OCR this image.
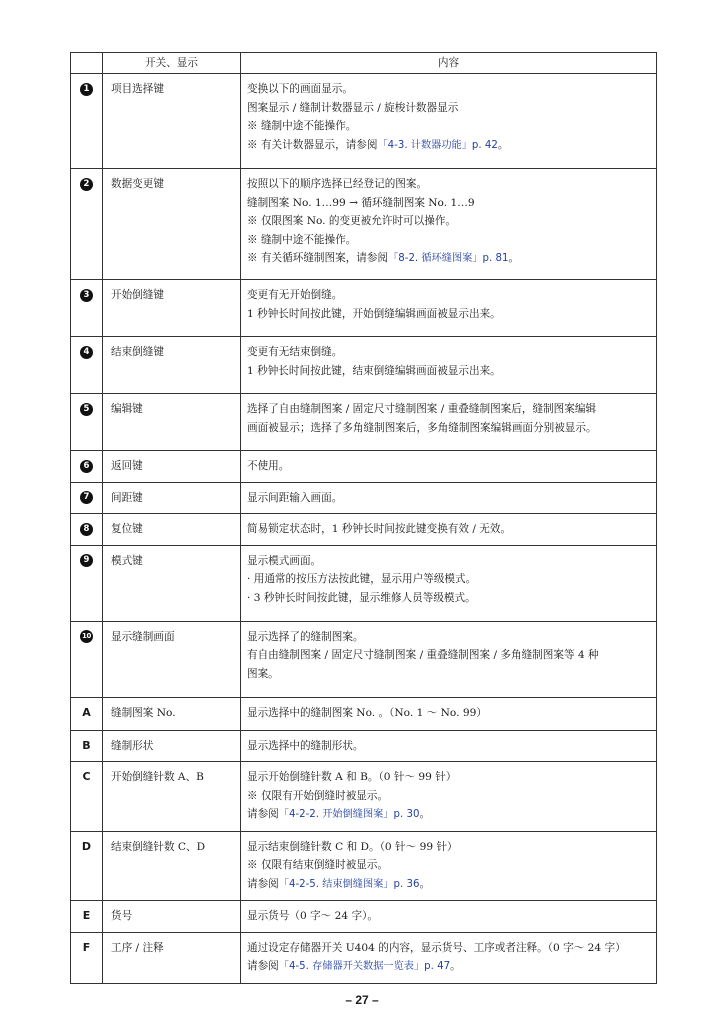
	开关、显示	内容
1	项目选择键	变换以下的画面显示。
图案显示 / 缝制计数器显示 / 旋梭计数器显示
※ 缝制中途不能操作。
※ 有关计数器显示，请参阅「4-3. 计数器功能」p. 42。

2	数据变更键	按照以下的顺序选择已经登记的图案。
缝制图案 No. 1…99 → 循环缝制图案 No. 1…9
※ 仅限图案 No. 的变更被允许时可以操作。
※ 缝制中途不能操作。
※ 有关循环缝制图案，请参阅「8-2. 循环缝图案」p. 81。

3	开始倒缝键	变更有无开始倒缝。
1 秒钟长时间按此键，开始倒缝编辑画面被显示出来。

4	结束倒缝键	变更有无结束倒缝。
1 秒钟长时间按此键，结束倒缝编辑画面被显示出来。

5	编辑键	选择了自由缝制图案 / 固定尺寸缝制图案 / 重叠缝制图案后，缝制图案编辑
画面被显示；选择了多角缝制图案后，多角缝制图案编辑画面分别被显示。

6	返回键	不使用。

7	间距键	显示间距输入画面。

8	复位键	简易锁定状态时，1 秒钟长时间按此键变换有效 / 无效。

9	模式键	显示模式画面。
· 用通常的按压方法按此键，显示用户等级模式。
· 3 秒钟长时间按此键，显示维修人员等级模式。

10	显示缝制画面	显示选择了的缝制图案。
有自由缝制图案 / 固定尺寸缝制图案 / 重叠缝制图案 / 多角缝制图案等 4 种
图案。

A	缝制图案 No.	显示选择中的缝制图案 No. 。（No. 1 ～ No. 99）

B	缝制形状	显示选择中的缝制形状。

C	开始倒缝针数 A、B	显示开始倒缝针数 A 和 B。（0 针～ 99 针）
※ 仅限有开始倒缝时被显示。
请参阅「4-2-2. 开始倒缝图案」p. 30。

D	结束倒缝针数 C、D	显示结束倒缝针数 C 和 D。（0 针～ 99 针）
※ 仅限有结束倒缝时被显示。
请参阅「4-2-5. 结束倒缝图案」p. 36。

E	货号	显示货号（0 字～ 24 字）。

F	工序 / 注释	通过设定存储器开关 U404 的内容，显示货号、工序或者注释。（0 字～ 24 字）
请参阅「4-5. 存储器开关数据一览表」p. 47。
– 27 –
